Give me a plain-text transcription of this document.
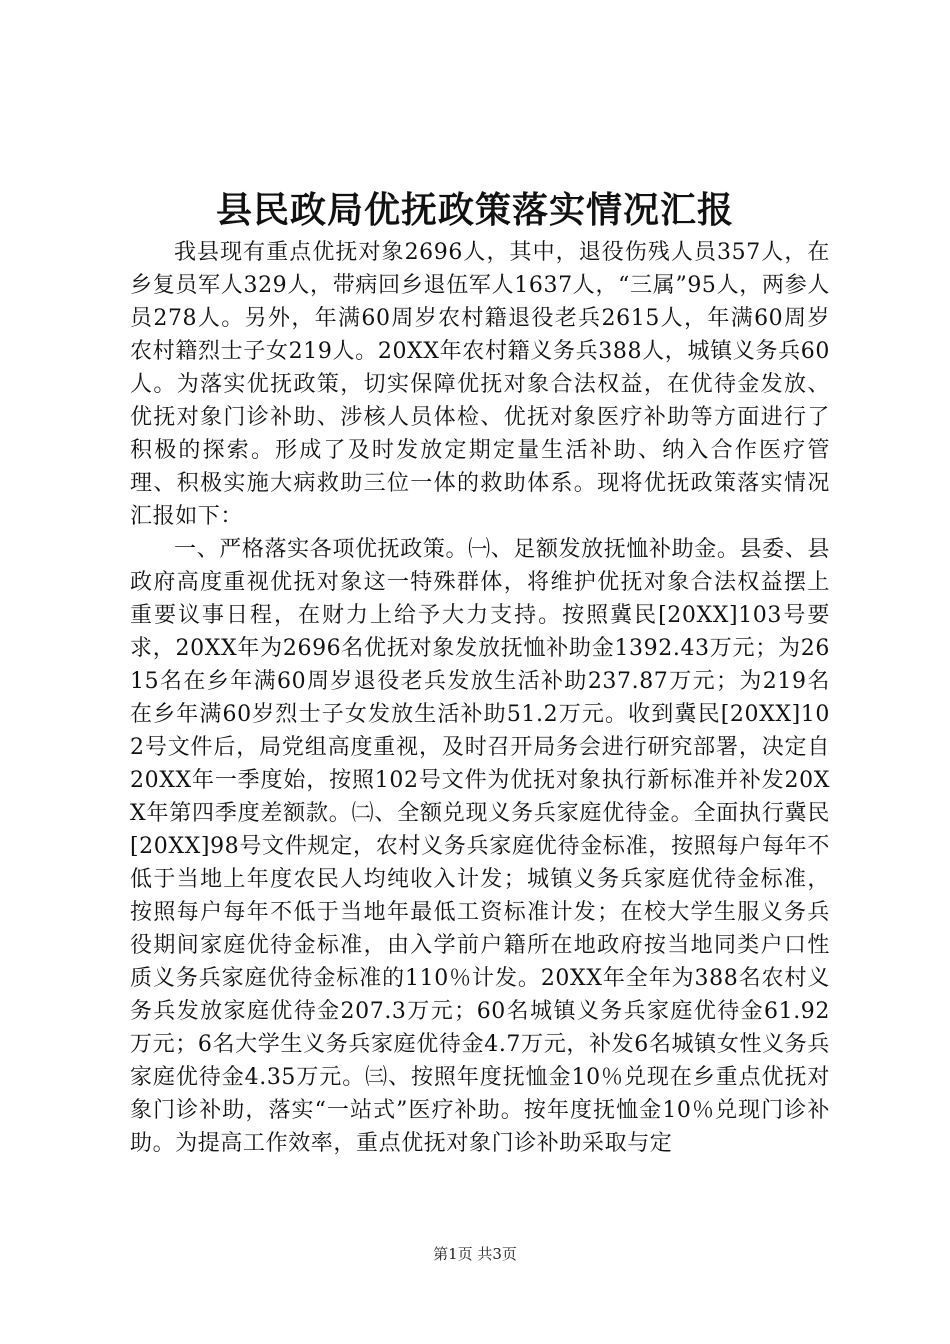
县民政局优抚政策落实情况汇报

我县现有重点优抚对象2696人，其中，退役伤残人员357人，在乡复员军人329人，带病回乡退伍军人1637人，“三属”95人，两参人员278人。另外，年满60周岁农村籍退役老兵2615人，年满60周岁农村籍烈士子女219人。20XX年农村籍义务兵388人，城镇义务兵60人。为落实优抚政策，切实保障优抚对象合法权益，在优待金发放、优抚对象门诊补助、涉核人员体检、优抚对象医疗补助等方面进行了积极的探索。形成了及时发放定期定量生活补助、纳入合作医疗管理、积极实施大病救助三位一体的救助体系。现将优抚政策落实情况汇报如下：

一、严格落实各项优抚政策。㈠、足额发放抚恤补助金。县委、县政府高度重视优抚对象这一特殊群体，将维护优抚对象合法权益摆上重要议事日程，在财力上给予大力支持。按照冀民[20XX]103号要求，20XX年为2696名优抚对象发放抚恤补助金1392.43万元；为2615名在乡年满60周岁退役老兵发放生活补助237.87万元；为219名在乡年满60岁烈士子女发放生活补助51.2万元。收到冀民[20XX]102号文件后，局党组高度重视，及时召开局务会进行研究部署，决定自20XX年一季度始，按照102号文件为优抚对象执行新标准并补发20XX年第四季度差额款。㈡、全额兑现义务兵家庭优待金。全面执行冀民[20XX]98号文件规定，农村义务兵家庭优待金标准，按照每户每年不低于当地上年度农民人均纯收入计发；城镇义务兵家庭优待金标准，按照每户每年不低于当地年最低工资标准计发；在校大学生服义务兵役期间家庭优待金标准，由入学前户籍所在地政府按当地同类户口性质义务兵家庭优待金标准的110％计发。20XX年全年为388名农村义务兵发放家庭优待金207.3万元；60名城镇义务兵家庭优待金61.92万元；6名大学生义务兵家庭优待金4.7万元，补发6名城镇女性义务兵家庭优待金4.35万元。㈢、按照年度抚恤金10％兑现在乡重点优抚对象门诊补助，落实“一站式”医疗补助。按年度抚恤金10％兑现门诊补助。为提高工作效率，重点优抚对象门诊补助采取与定

第1页 共3页
